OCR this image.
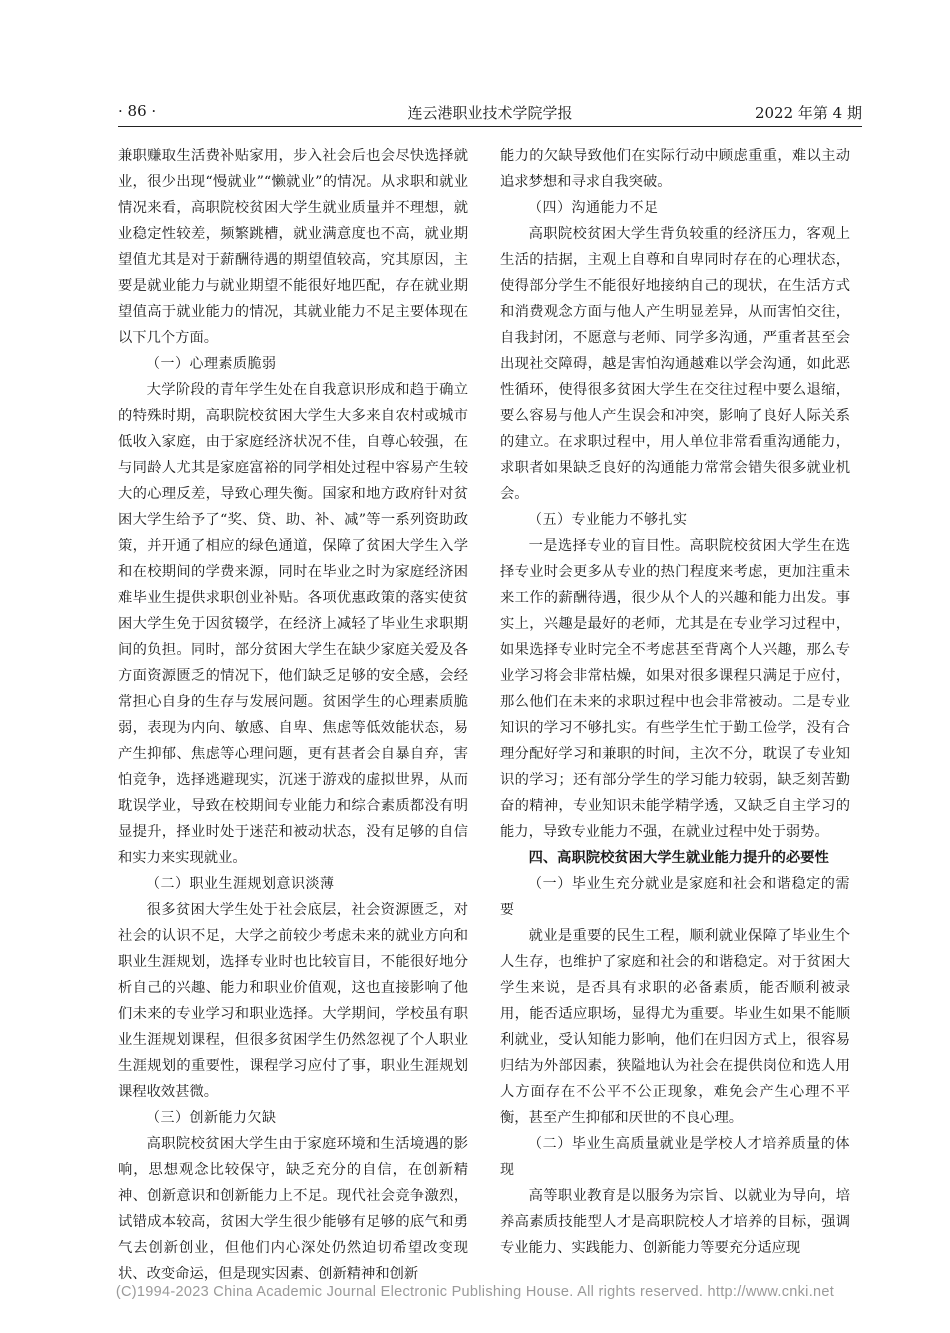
· 86 ·	连云港职业技术学院学报	2022 年第 4 期

兼职赚取生活费补贴家用，步入社会后也会尽快选择就业，很少出现“慢就业”“懒就业”的情况。从求职和就业情况来看，高职院校贫困大学生就业质量并不理想，就业稳定性较差，频繁跳槽，就业满意度也不高，就业期望值尤其是对于薪酬待遇的期望值较高，究其原因，主要是就业能力与就业期望不能很好地匹配，存在就业期望值高于就业能力的情况，其就业能力不足主要体现在以下几个方面。

（一）心理素质脆弱

大学阶段的青年学生处在自我意识形成和趋于确立的特殊时期，高职院校贫困大学生大多来自农村或城市低收入家庭，由于家庭经济状况不佳，自尊心较强，在与同龄人尤其是家庭富裕的同学相处过程中容易产生较大的心理反差，导致心理失衡。国家和地方政府针对贫困大学生给予了“奖、贷、助、补、减”等一系列资助政策，并开通了相应的绿色通道，保障了贫困大学生入学和在校期间的学费来源，同时在毕业之时为家庭经济困难毕业生提供求职创业补贴。各项优惠政策的落实使贫困大学生免于因贫辍学，在经济上减轻了毕业生求职期间的负担。同时，部分贫困大学生在缺少家庭关爱及各方面资源匮乏的情况下，他们缺乏足够的安全感，会经常担心自身的生存与发展问题。贫困学生的心理素质脆弱，表现为内向、敏感、自卑、焦虑等低效能状态，易产生抑郁、焦虑等心理问题，更有甚者会自暴自弃，害怕竞争，选择逃避现实，沉迷于游戏的虚拟世界，从而耽误学业，导致在校期间专业能力和综合素质都没有明显提升，择业时处于迷茫和被动状态，没有足够的自信和实力来实现就业。

（二）职业生涯规划意识淡薄

很多贫困大学生处于社会底层，社会资源匮乏，对社会的认识不足，大学之前较少考虑未来的就业方向和职业生涯规划，选择专业时也比较盲目，不能很好地分析自己的兴趣、能力和职业价值观，这也直接影响了他们未来的专业学习和职业选择。大学期间，学校虽有职业生涯规划课程，但很多贫困学生仍然忽视了个人职业生涯规划的重要性，课程学习应付了事，职业生涯规划课程收效甚微。

（三）创新能力欠缺

高职院校贫困大学生由于家庭环境和生活境遇的影响，思想观念比较保守，缺乏充分的自信，在创新精神、创新意识和创新能力上不足。现代社会竞争激烈，试错成本较高，贫困大学生很少能够有足够的底气和勇气去创新创业，但他们内心深处仍然迫切希望改变现状、改变命运，但是现实因素、创新精神和创新

能力的欠缺导致他们在实际行动中顾虑重重，难以主动追求梦想和寻求自我突破。

（四）沟通能力不足

高职院校贫困大学生背负较重的经济压力，客观上生活的拮据，主观上自尊和自卑同时存在的心理状态，使得部分学生不能很好地接纳自己的现状，在生活方式和消费观念方面与他人产生明显差异，从而害怕交往，自我封闭，不愿意与老师、同学多沟通，严重者甚至会出现社交障碍，越是害怕沟通越难以学会沟通，如此恶性循环，使得很多贫困大学生在交往过程中要么退缩，要么容易与他人产生误会和冲突，影响了良好人际关系的建立。在求职过程中，用人单位非常看重沟通能力，求职者如果缺乏良好的沟通能力常常会错失很多就业机会。

（五）专业能力不够扎实

一是选择专业的盲目性。高职院校贫困大学生在选择专业时会更多从专业的热门程度来考虑，更加注重未来工作的薪酬待遇，很少从个人的兴趣和能力出发。事实上，兴趣是最好的老师，尤其是在专业学习过程中，如果选择专业时完全不考虑甚至背离个人兴趣，那么专业学习将会非常枯燥，如果对很多课程只满足于应付，那么他们在未来的求职过程中也会非常被动。二是专业知识的学习不够扎实。有些学生忙于勤工俭学，没有合理分配好学习和兼职的时间，主次不分，耽误了专业知识的学习；还有部分学生的学习能力较弱，缺乏刻苦勤奋的精神，专业知识未能学精学透，又缺乏自主学习的能力，导致专业能力不强，在就业过程中处于弱势。

四、高职院校贫困大学生就业能力提升的必要性
（一）毕业生充分就业是家庭和社会和谐稳定的需要

就业是重要的民生工程，顺利就业保障了毕业生个人生存，也维护了家庭和社会的和谐稳定。对于贫困大学生来说，是否具有求职的必备素质，能否顺利被录用，能否适应职场，显得尤为重要。毕业生如果不能顺利就业，受认知能力影响，他们在归因方式上，很容易归结为外部因素，狭隘地认为社会在提供岗位和选人用人方面存在不公平不公正现象，难免会产生心理不平衡，甚至产生抑郁和厌世的不良心理。

（二）毕业生高质量就业是学校人才培养质量的体现

高等职业教育是以服务为宗旨、以就业为导向，培养高素质技能型人才是高职院校人才培养的目标，强调专业能力、实践能力、创新能力等要充分适应现

(C)1994-2023 China Academic Journal Electronic Publishing House. All rights reserved. http://www.cnki.net
